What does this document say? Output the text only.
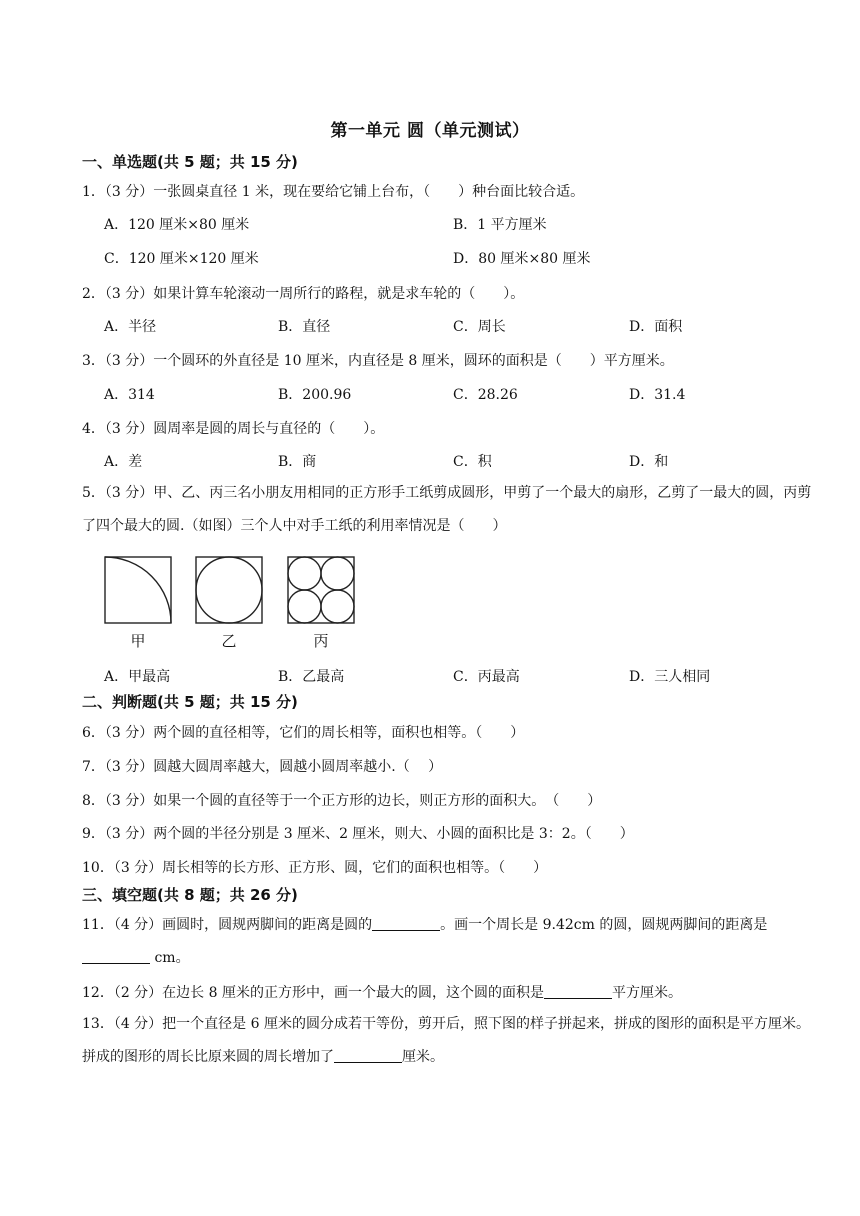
第一单元 圆（单元测试）
一、单选题(共 5 题；共 15 分)
1．（3 分）一张圆桌直径 1 米，现在要给它铺上台布，（　　）种台面比较合适。
A．120 厘米×80 厘米	B．1 平方厘米
C．120 厘米×120 厘米	D．80 厘米×80 厘米
2．（3 分）如果计算车轮滚动一周所行的路程，就是求车轮的（　　）。
A．半径	B．直径	C．周长	D．面积
3．（3 分）一个圆环的外直径是 10 厘米，内直径是 8 厘米，圆环的面积是（　　）平方厘米。
A．314	B．200.96	C．28.26	D．31.4
4．（3 分）圆周率是圆的周长与直径的（　　）。
A．差	B．商	C．积	D．和
5．（3 分）甲、乙、丙三名小朋友用相同的正方形手工纸剪成圆形，甲剪了一个最大的扇形，乙剪了一最大的圆，丙剪了四个最大的圆.（如图）三个人中对手工纸的利用率情况是（　　）
甲	乙	丙
A．甲最高	B．乙最高	C．丙最高	D．三人相同
二、判断题(共 5 题；共 15 分)
6．（3 分）两个圆的直径相等，它们的周长相等，面积也相等。（　　）
7．（3 分）圆越大圆周率越大，圆越小圆周率越小.（　 ）
8．（3 分）如果一个圆的直径等于一个正方形的边长，则正方形的面积大。　（　　）
9．（3 分）两个圆的半径分别是 3 厘米、2 厘米，则大、小圆的面积比是 3：2。（　　）
10．（3 分）周长相等的长方形、正方形、圆，它们的面积也相等。（　　）
三、填空题(共 8 题；共 26 分)
11．（4 分）画圆时，圆规两脚间的距离是圆的	。画一个周长是 9.42cm 的圆，圆规两脚间的距离是 cm。
12．（2 分）在边长 8 厘米的正方形中，画一个最大的圆，这个圆的面积是	平方厘米。
13．（4 分）把一个直径是 6 厘米的圆分成若干等份，剪开后，照下图的样子拼起来，拼成的图形的面积是平方厘米。拼成的图形的周长比原来圆的周长增加了	厘米。
